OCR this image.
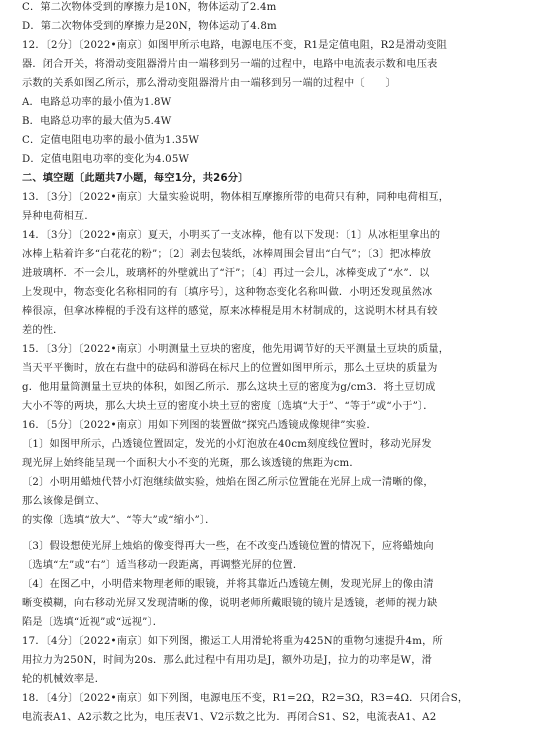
C．第二次物体受到的摩擦力是10N，物体运动了2.4m
D．第二次物体受到的摩擦力是20N，物体运动了4.8m
12．〔2分〕〔2022•南京〕如图甲所示电路，电源电压不变，R1是定值电阻，R2是滑动变阻
器．闭合开关，将滑动变阻器滑片由一端移到另一端的过程中，电路中电流表示数和电压表
示数的关系如图乙所示，那么滑动变阻器滑片由一端移到另一端的过程中〔　　〕
A．电路总功率的最小值为1.8W
B．电路总功率的最大值为5.4W
C．定值电阻电功率的最小值为1.35W
D．定值电阻电功率的变化为4.05W
二、填空题〔此题共7小题，每空1分，共26分〕
13．〔3分〕〔2022•南京〕大量实验说明，物体相互摩擦所带的电荷只有种，同种电荷相互，
异种电荷相互．
14．〔3分〕〔2022•南京〕夏天，小明买了一支冰棒，他有以下发现：〔1〕从冰柜里拿出的
冰棒上粘着许多“白花花的粉”；〔2〕剥去包装纸，冰棒周围会冒出“白气”；〔3〕把冰棒放
进玻璃杯．不一会儿，玻璃杯的外壁就出了“汗”；〔4〕再过一会儿，冰棒变成了“水”．以
上发现中，物态变化名称相同的有〔填序号〕，这种物态变化名称叫做．小明还发现虽然冰
棒很凉，但拿冰棒棍的手没有这样的感觉，原来冰棒棍是用木材制成的，这说明木材具有较
差的性．
15．〔3分〕〔2022•南京〕小明测量土豆块的密度，他先用调节好的天平测量土豆块的质量，
当天平平衡时，放在右盘中的砝码和游码在标尺上的位置如图甲所示，那么土豆块的质量为
g．他用量筒测量土豆块的体积，如图乙所示．那么这块土豆的密度为g/cm3．将土豆切成
大小不等的两块，那么大块土豆的密度小块土豆的密度〔选填“大于”、“等于”或“小于”〕．
16．〔5分〕〔2022•南京〕用如下列图的装置做“探究凸透镜成像规律”实验．
〔1〕如图甲所示，凸透镜位置固定，发光的小灯泡放在40cm刻度线位置时，移动光屏发
现光屏上始终能呈现一个面积大小不变的光斑，那么该透镜的焦距为cm．
〔2〕小明用蜡烛代替小灯泡继续做实验，烛焰在图乙所示位置能在光屏上成一清晰的像，
那么该像是倒立、
的实像〔选填“放大”、“等大”或“缩小”〕．
〔3〕假设想使光屏上烛焰的像变得再大一些，在不改变凸透镜位置的情况下，应将蜡烛向
〔选填“左”或“右”〕适当移动一段距离，再调整光屏的位置．
〔4〕在图乙中，小明借来物理老师的眼镜，并将其靠近凸透镜左侧，发现光屏上的像由清
晰变模糊，向右移动光屏又发现清晰的像，说明老师所戴眼镜的镜片是透镜，老师的视力缺
陷是〔选填“近视”或“远视”〕．
17．〔4分〕〔2022•南京〕如下列图，搬运工人用滑轮将重为425N的重物匀速提升4m，所
用拉力为250N，时间为20s．那么此过程中有用功是J，额外功是J，拉力的功率是W，滑
轮的机械效率是．
18．〔4分〕〔2022•南京〕如下列图，电源电压不变，R1=2Ω，R2=3Ω，R3=4Ω．只闭合S，
电流表A1、A2示数之比为，电压表V1、V2示数之比为．再闭合S1、S2，电流表A1、A2
